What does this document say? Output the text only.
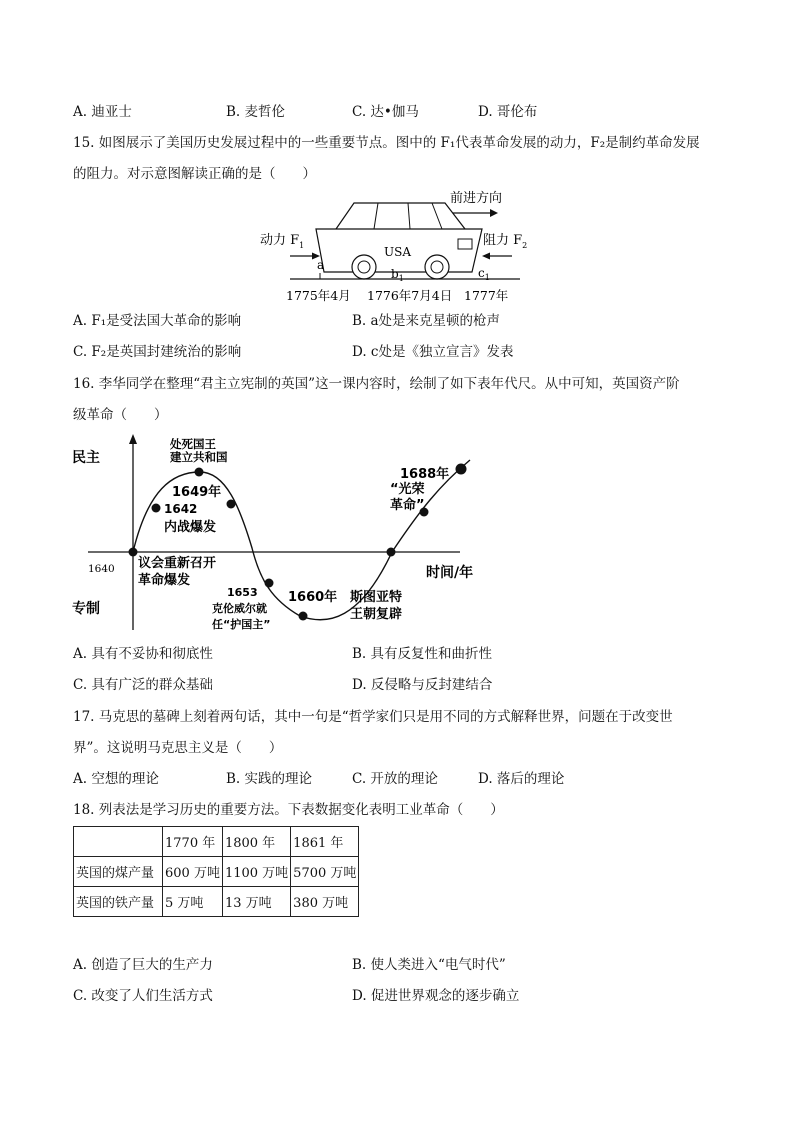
A. 迪亚士	B. 麦哲伦	C. 达•伽马	D. 哥伦布
15. 如图展示了美国历史发展过程中的一些重要节点。图中的 F₁代表革命发展的动力，F₂是制约革命发展
的阻力。对示意图解读正确的是（　　）
前进方向
USA
动力 $F_1$	阻力 $F_2$
a
$b_1$	$c_1$
1775年4月 1776年7月4日 1777年
A. F₁是受法国大革命的影响	B. a处是来克星顿的枪声
C. F₂是英国封建统治的影响	D. c处是《独立宣言》发表
16. 李华同学在整理“君主立宪制的英国”这一课内容时，绘制了如下表年代尺。从中可知，英国资产阶
级革命（　　）
民主
专制
时间/年
处死国王
建立共和国
1649年
1642
内战爆发
1640 议会重新召开
革命爆发
1653
克伦威尔就
任“护国主”
1660年 斯图亚特
王朝复辟
1688年
“光荣
革命”
A. 具有不妥协和彻底性	B. 具有反复性和曲折性
C. 具有广泛的群众基础	D. 反侵略与反封建结合
17. 马克思的墓碑上刻着两句话，其中一句是“哲学家们只是用不同的方式解释世界，问题在于改变世
界”。这说明马克思主义是（　　）
A. 空想的理论	B. 实践的理论	C. 开放的理论	D. 落后的理论
18. 列表法是学习历史的重要方法。下表数据变化表明工业革命（　　）
	1770 年	1800 年	1861 年
英国的煤产量	600 万吨	1100 万吨	5700 万吨
英国的铁产量	5 万吨	13 万吨	380 万吨
A. 创造了巨大的生产力	B. 使人类进入“电气时代”
C. 改变了人们生活方式	D. 促进世界观念的逐步确立
